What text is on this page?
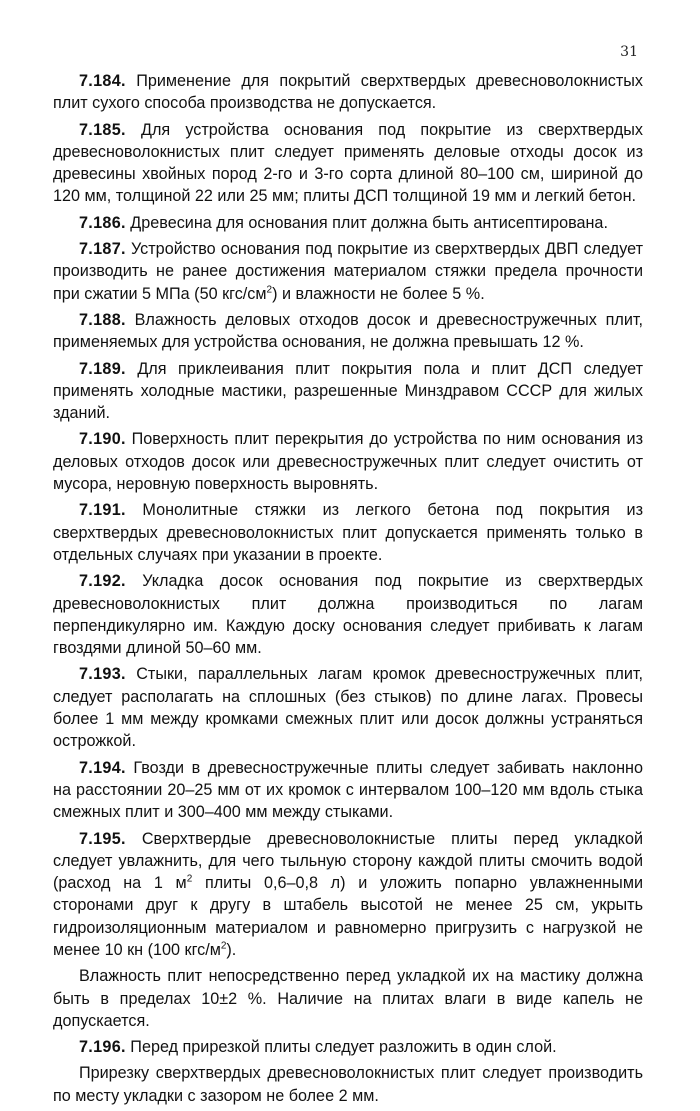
31

7.184. Применение для покрытий сверхтвердых древесноволокнистых плит сухого способа производства не допускается.

7.185. Для устройства основания под покрытие из сверхтвердых древесноволокнистых плит следует применять деловые отходы досок из древесины хвойных пород 2-го и 3-го сорта длиной 80–100 см, шириной до 120 мм, толщиной 22 или 25 мм; плиты ДСП толщиной 19 мм и легкий бетон.

7.186. Древесина для основания плит должна быть антисептирована.

7.187. Устройство основания под покрытие из сверхтвердых ДВП следует производить не ранее достижения материалом стяжки предела прочности при сжатии 5 МПа (50 кгс/$см^2$) и влажности не более 5 %.

7.188. Влажность деловых отходов досок и древесностружечных плит, применяемых для устройства основания, не должна превышать 12 %.

7.189. Для приклеивания плит покрытия пола и плит ДСП следует применять холодные мастики, разрешенные Минздравом СССР для жилых зданий.

7.190. Поверхность плит перекрытия до устройства по ним основания из деловых отходов досок или древесностружечных плит следует очистить от мусора, неровную поверхность выровнять.

7.191. Монолитные стяжки из легкого бетона под покрытия из сверхтвердых древесноволокнистых плит допускается применять только в отдельных случаях при указании в проекте.

7.192. Укладка досок основания под покрытие из сверхтвердых древесноволокнистых плит должна производиться по лагам перпендикулярно им. Каждую доску основания следует прибивать к лагам гвоздями длиной 50–60 мм.

7.193. Стыки, параллельных лагам кромок древесностружечных плит, следует располагать на сплошных (без стыков) по длине лагах. Провесы более 1 мм между кромками смежных плит или досок должны устраняться острожкой.

7.194. Гвозди в древесностружечные плиты следует забивать наклонно на расстоянии 20–25 мм от их кромок с интервалом 100–120 мм вдоль стыка смежных плит и 300–400 мм между стыками.

7.195. Сверхтвердые древесноволокнистые плиты перед укладкой следует увлажнить, для чего тыльную сторону каждой плиты смочить водой (расход на 1 $м^2$ плиты 0,6–0,8 л) и уложить попарно увлажненными сторонами друг к другу в штабель высотой не менее 25 см, укрыть гидроизоляционным материалом и равномерно пригрузить с нагрузкой не менее 10 кн (100 кгс/$м^2$).

Влажность плит непосредственно перед укладкой их на мастику должна быть в пределах 10±2 %. Наличие на плитах влаги в виде капель не допускается.

7.196. Перед прирезкой плиты следует разложить в один слой.

Прирезку сверхтвердых древесноволокнистых плит следует производить по месту укладки с зазором не более 2 мм.
